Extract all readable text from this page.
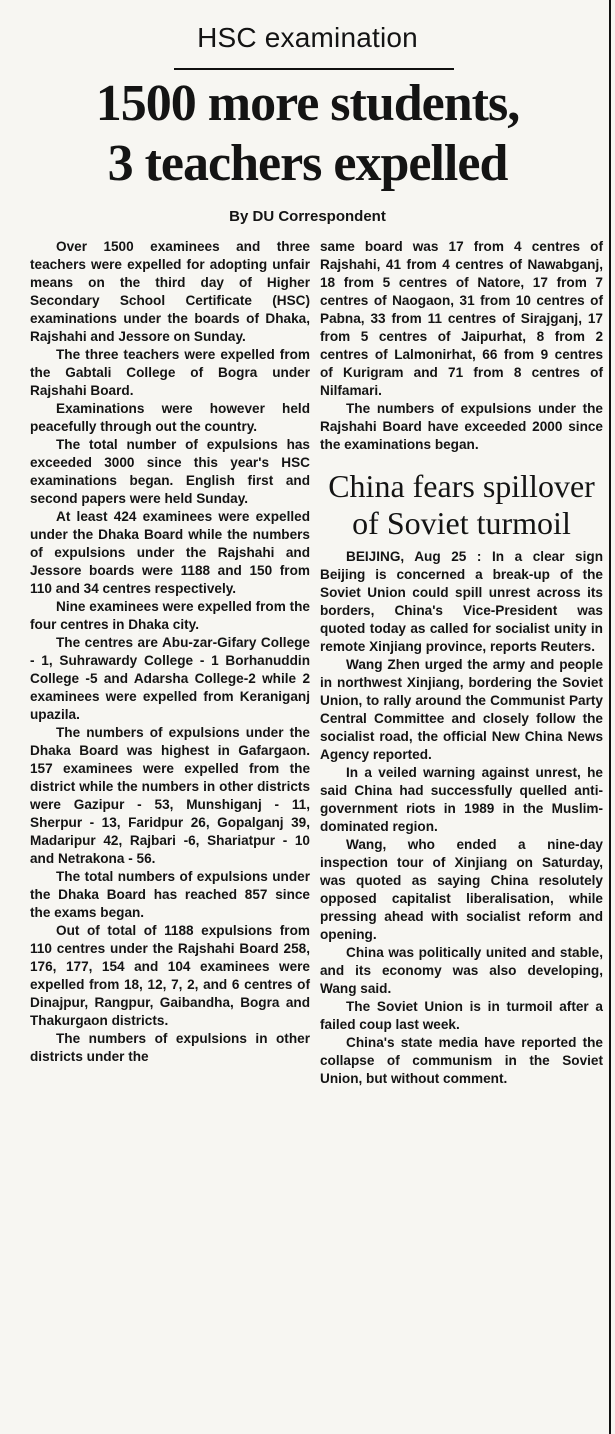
HSC examination
1500 more students,
3 teachers expelled
By DU Correspondent

Over 1500 examinees and three teachers were expelled for adopting unfair means on the third day of Higher Secondary School Certificate (HSC) examinations under the boards of Dhaka, Rajshahi and Jessore on Sunday.

The three teachers were expelled from the Gabtali College of Bogra under Rajshahi Board.

Examinations were however held peacefully through out the country.

The total number of expulsions has exceeded 3000 since this year's HSC examinations began. English first and second papers were held Sunday.

At least 424 examinees were expelled under the Dhaka Board while the numbers of expulsions under the Rajshahi and Jessore boards were 1188 and 150 from 110 and 34 centres respectively.

Nine examinees were expelled from the four centres in Dhaka city.

The centres are Abu-zar-Gifary College - 1, Suhrawardy College - 1 Borhanuddin College -5 and Adarsha College-2 while 2 examinees were expelled from Keraniganj upazila.

The numbers of expulsions under the Dhaka Board was highest in Gafargaon. 157 examinees were expelled from the district while the numbers in other districts were Gazipur - 53, Munshiganj - 11, Sherpur - 13, Faridpur 26, Gopalganj 39, Madaripur 42, Rajbari -6, Shariatpur - 10 and Netrakona - 56.

The total numbers of expulsions under the Dhaka Board has reached 857 since the exams began.

Out of total of 1188 expulsions from 110 centres under the Rajshahi Board 258, 176, 177, 154 and 104 examinees were expelled from 18, 12, 7, 2, and 6 centres of Dinajpur, Rangpur, Gaibandha, Bogra and Thakurgaon districts.

The numbers of expulsions in other districts under the

same board was 17 from 4 centres of Rajshahi, 41 from 4 centres of Nawabganj, 18 from 5 centres of Natore, 17 from 7 centres of Naogaon, 31 from 10 centres of Pabna, 33 from 11 centres of Sirajganj, 17 from 5 centres of Jaipurhat, 8 from 2 centres of Lalmonirhat, 66 from 9 centres of Kurigram and 71 from 8 centres of Nilfamari.

The numbers of expulsions under the Rajshahi Board have exceeded 2000 since the examinations began.

China fears spillover of Soviet turmoil

BEIJING, Aug 25 : In a clear sign Beijing is concerned a break-up of the Soviet Union could spill unrest across its borders, China's Vice-President was quoted today as called for socialist unity in remote Xinjiang province, reports Reuters.

Wang Zhen urged the army and people in northwest Xinjiang, bordering the Soviet Union, to rally around the Communist Party Central Committee and closely follow the socialist road, the official New China News Agency reported.

In a veiled warning against unrest, he said China had successfully quelled anti-government riots in 1989 in the Muslim-dominated region.

Wang, who ended a nine-day inspection tour of Xinjiang on Saturday, was quoted as saying China resolutely opposed capitalist liberalisation, while pressing ahead with socialist reform and opening.

China was politically united and stable, and its economy was also developing, Wang said.

The Soviet Union is in turmoil after a failed coup last week.

China's state media have reported the collapse of communism in the Soviet Union, but without comment.
